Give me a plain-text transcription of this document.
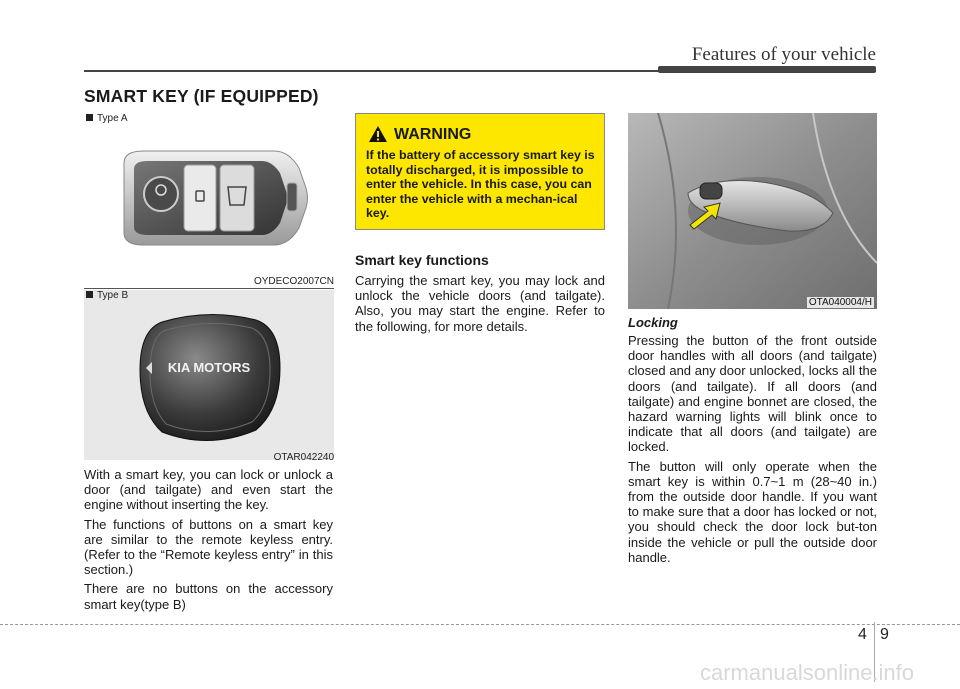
Features of your vehicle
SMART KEY (IF EQUIPPED)
Type A
OYDECO2007CN
KIA MOTORS
Type B
OTAR042240

With a smart key, you can lock or unlock a door (and tailgate) and even start the engine without inserting the key.

The functions of buttons on a smart key are similar to the remote keyless entry. (Refer to the “Remote keyless entry” in this section.)

There are no buttons on the accessory smart key(type B)

WARNING
If the battery of accessory smart key is totally discharged, it is impossible to enter the vehicle. In this case, you can enter the vehicle with a mechan-ical key.
Smart key functions

Carrying the smart key, you may lock and unlock the vehicle doors (and tailgate). Also, you may start the engine. Refer to the following, for more details.

OTA040004/H
Locking

Pressing the button of the front outside door handles with all doors (and tailgate) closed and any door unlocked, locks all the doors (and tailgate). If all doors (and tailgate) and engine bonnet are closed, the hazard warning lights will blink once to indicate that all doors (and tailgate) are locked.

The button will only operate when the smart key is within 0.7~1 m (28~40 in.) from the outside door handle. If you want to make sure that a door has locked or not, you should check the door lock but-ton inside the vehicle or pull the outside door handle.

4 9
carmanualsonline.info
